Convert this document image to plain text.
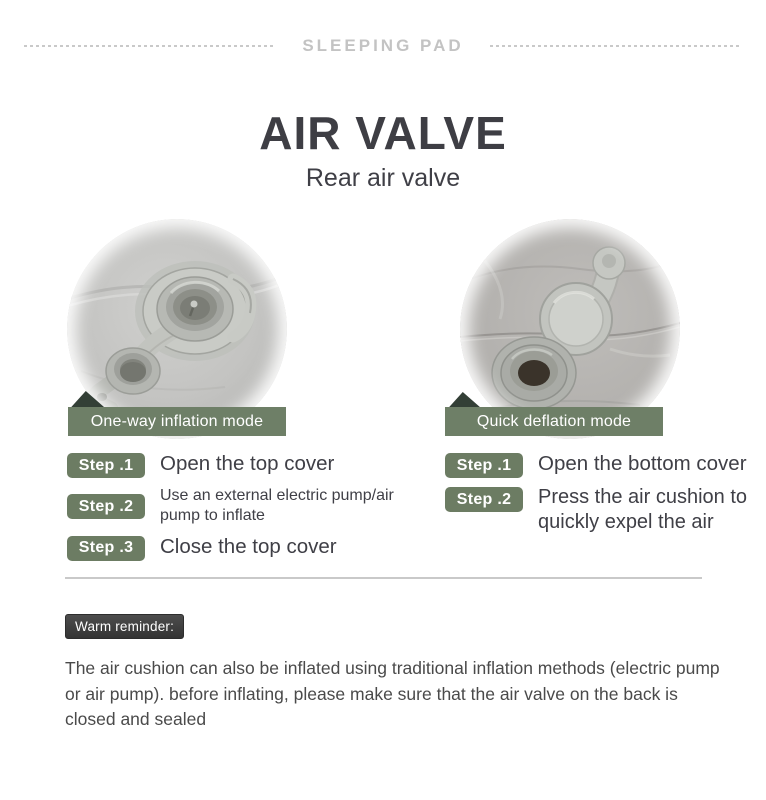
SLEEPING PAD
AIR VALVE
Rear air valve
One-way inflation mode	Quick deflation mode
Step .1	Open the top cover
Step .2
Use an external electric pump/air pump to inflate
Step .3	Close the top cover
Step .1	Open the bottom cover
Step .2	Press the air cushion to quickly expel the air
Warm reminder:
The air cushion can also be inflated using traditional inflation methods (electric pump or air pump). before inflating, please make sure that the air valve on the back is closed and sealed
